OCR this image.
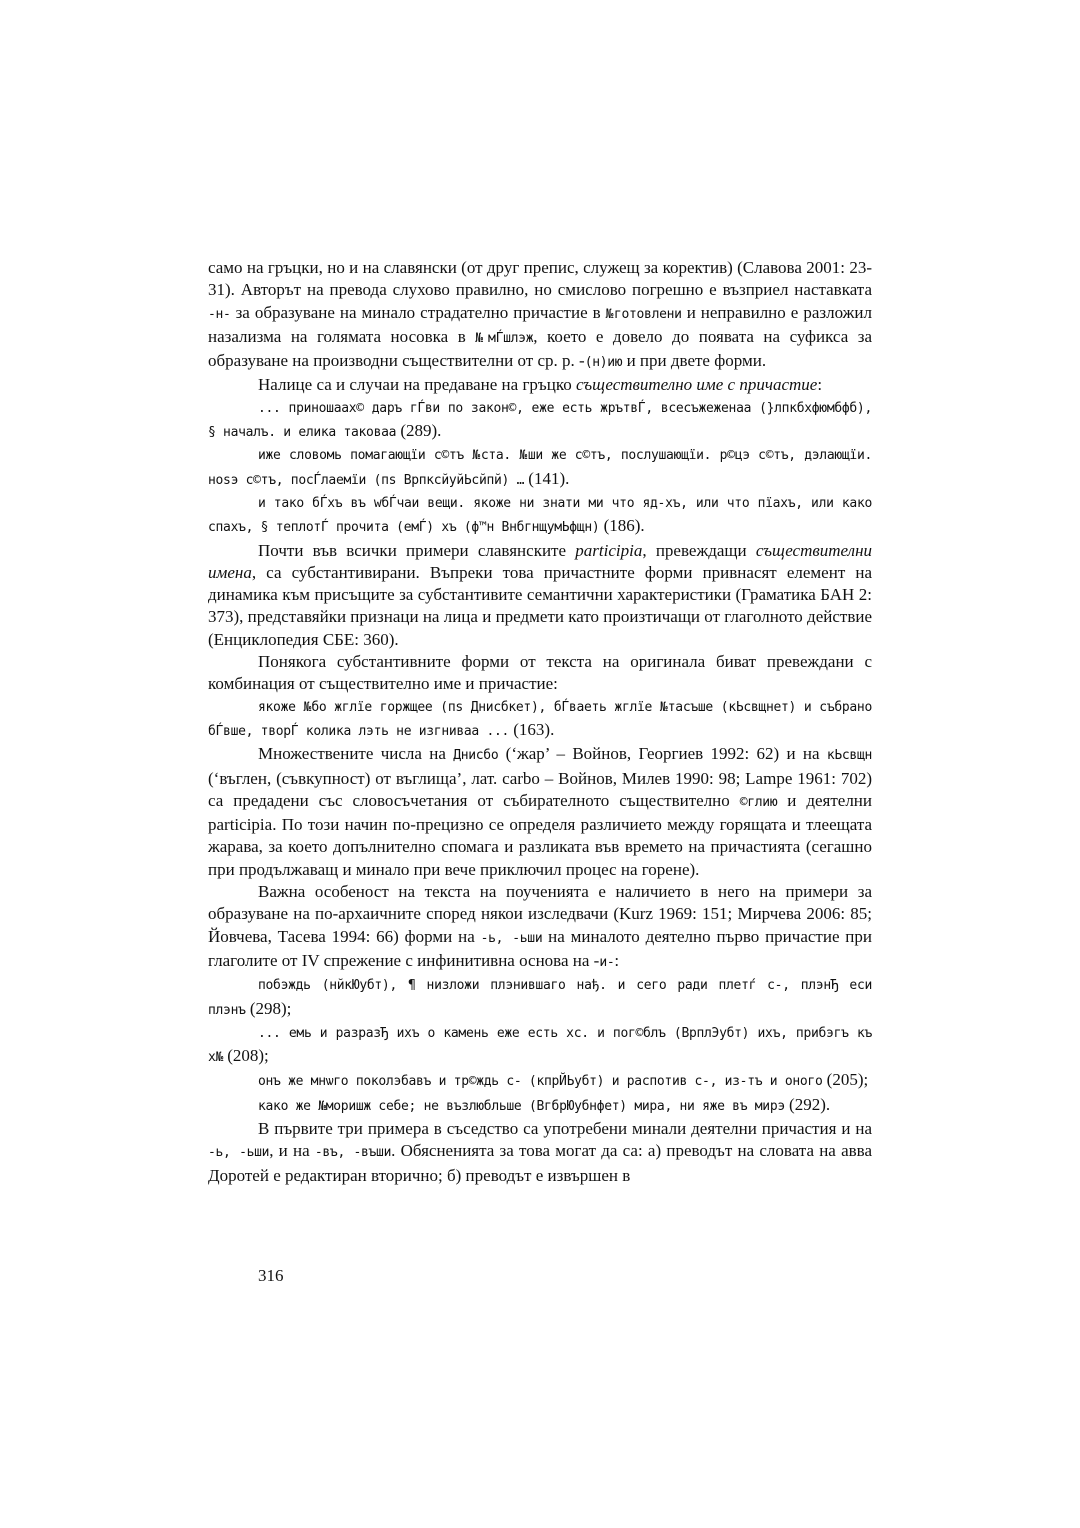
само на гръцки, но и на славянски (от друг препис, служещ за коректив) (Славова 2001: 23-31). Авторът на превода слухово правилно, но смислово погрешно е възприел наставката -н- за образуване на минало страдателно причастие в №готовлени и неправилно е разложил назализма на голямата носовка в №мЃшлэж, което е довело до появата на суфикса за образуване на производни съществителни от ср. р. -(н)ию и при двете форми.

Налице са и случаи на предаване на гръцко съществително име с причастие:

... приношаах© даръ гЃви по закон©, еже есть жрътвЃ, всесъжеженаа (}лпкбхфюмбфб), § началъ. и елика таковаа (289).

иже словомь помагающїи с©тъ №ста. №ши же с©тъ, послушающїи. р©цэ с©тъ, дэлающїи. ноѕэ с©тъ, посЃлаемїи (пѕ ВрпксйуйЬсйпй) … (141).

и тако бЃхъ въ wбЃчаи вещи. якоже ни знати ми что яд-хъ, или что пїахъ, или како спахъ, § теплотЃ прочита (емЃ) хъ (ф™н ВнбгнщумЬфщн) (186).

Почти във всички примери славянските participia, превеждащи съществителни имена, са субстантивирани. Въпреки това причастните форми привнасят елемент на динамика към присъщите за субстантивите семантични характеристики (Граматика БАН 2: 373), представяйки признаци на лица и предмети като произтичащи от глаголното действие (Енциклопедия СБЕ: 360).

Понякога субстантивните форми от текста на оригинала биват превеждани с комбинация от съществително име и причастие:

якоже №бо жглїе горжщее (пѕ Днисбкет), бЃваеть жглїе №тасъше (кЬсвщнет) и събрано бЃвше, творЃ колика лэть не изгниваа ... (163).

Множествените числа на Днисбо (‘жар’ – Войнов, Георгиев 1992: 62) и на кЬсвщн (‘въглен, (съвкупност) от въглища’, лат. carbo – Войнов, Милев 1990: 98; Lampe 1961: 702) са предадени със словосъчетания от събирателното съществително ©глию и деятелни participia. По този начин по-прецизно се определя различието между горящата и тлеещата жарава, за което допълнително спомага и разликата във времето на причастията (сегашно при продължаващ и минало при вече приключил процес на горене).

Важна особеност на текста на поученията е наличието в него на примери за образуване на по-архаичните според някои изследвачи (Kurz 1969: 151; Мирчева 2006: 85; Йовчева, Тасева 1994: 66) форми на -ь, -ьши на миналото деятелно първо причастие при глаголите от IV спрежение с инфинитивна основа на -и-:

побэждь (нйкЮубт), ¶ низложи плэнившаго нађ. и сего ради плетѓ с-, плэнЂ еси плэнъ (298);

... емь и разразЂ ихъ о камень еже есть хс. и пог©блъ (ВрплЭубт) ихъ, прибэгъ къ х№ (208);

онъ же мнѡго поколэбавъ и тр©ждь с- (кпрЙЬубт) и распотив с-, из-тъ и оного (205);

како же №моришж себе; не възлюбльше (ВгбрЮубнфет) мира, ни яже въ мирэ (292).

В първите три примера в съседство са употребени минали деятелни причастия и на -ь, -ьши, и на -въ, -въши. Обясненията за това могат да са: а) преводът на словата на авва Доротей е редактиран вторично; б) преводът е извършен в

316
